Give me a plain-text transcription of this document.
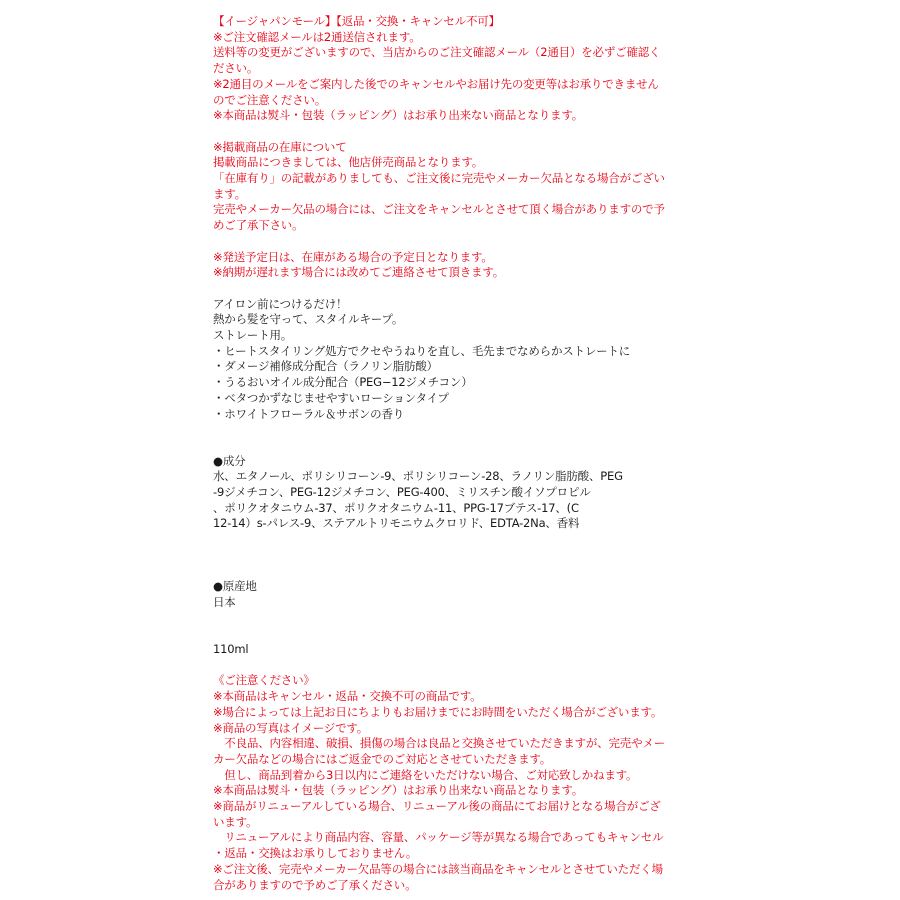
【イージャパンモール】【返品・交換・キャンセル不可】
※ご注文確認メールは2通送信されます。
送料等の変更がございますので、当店からのご注文確認メール（2通目）を必ずご確認く
ださい。
※2通目のメールをご案内した後でのキャンセルやお届け先の変更等はお承りできません
のでご注意ください。
※本商品は熨斗・包装（ラッピング）はお承り出来ない商品となります。
※掲載商品の在庫について
掲載商品につきましては、他店併売商品となります。
「在庫有り」の記載がありましても、ご注文後に完売やメーカー欠品となる場合がござい
ます。
完売やメーカー欠品の場合には、ご注文をキャンセルとさせて頂く場合がありますので予
めご了承下さい。
※発送予定日は、在庫がある場合の予定日となります。
※納期が遅れます場合には改めてご連絡させて頂きます。
アイロン前につけるだけ！
熱から髪を守って、スタイルキープ。
ストレート用。
・ヒートスタイリング処方でクセやうねりを直し、毛先までなめらかストレートに
・ダメージ補修成分配合（ラノリン脂肪酸）
・うるおいオイル成分配合（PEG−12ジメチコン）
・ベタつかずなじませやすいローションタイプ
・ホワイトフローラル＆サボンの香り
●成分
水、エタノール、ポリシリコーン-9、ポリシリコーン-28、ラノリン脂肪酸、PEG
-9ジメチコン、PEG-12ジメチコン、PEG-400、ミリスチン酸イソプロピル
、ポリクオタニウム-37、ポリクオタニウム-11、PPG-17ブテス-17、(C
12-14）s-パレス-9、ステアルトリモニウムクロリド、EDTA-2Na、香料
●原産地
日本
110ml
《ご注意ください》
※本商品はキャンセル・返品・交換不可の商品です。
※場合によっては上記お日にちよりもお届けまでにお時間をいただく場合がございます。
※商品の写真はイメージです。
　不良品、内容相違、破損、損傷の場合は良品と交換させていただきますが、完売やメー
カー欠品などの場合にはご返金でのご対応とさせていただきます。
　但し、商品到着から3日以内にご連絡をいただけない場合、ご対応致しかねます。
※本商品は熨斗・包装（ラッピング）はお承り出来ない商品となります。
※商品がリニューアルしている場合、リニューアル後の商品にてお届けとなる場合がござ
います。
　リニューアルにより商品内容、容量、パッケージ等が異なる場合であってもキャンセル
・返品・交換はお承りしておりません。
※ご注文後、完売やメーカー欠品等の場合には該当商品をキャンセルとさせていただく場
合がありますので予めご了承ください。
